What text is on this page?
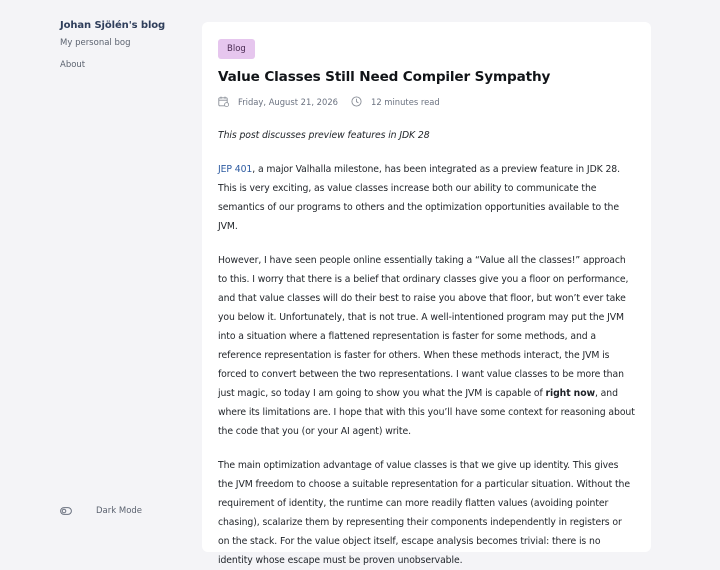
Johan Sjölén's blog
My personal bog
About
Dark Mode
Blog
Value Classes Still Need Compiler Sympathy
Friday, August 21, 2026	12 minutes read

This post discusses preview features in JDK 28

JEP 401, a major Valhalla milestone, has been integrated as a preview feature in JDK 28. This is very exciting, as value classes increase both our ability to communicate the semantics of our programs to others and the optimization opportunities available to the JVM.

However, I have seen people online essentially taking a “Value all the classes!” approach to this. I worry that there is a belief that ordinary classes give you a floor on performance, and that value classes will do their best to raise you above that floor, but won’t ever take you below it. Unfortunately, that is not true. A well-intentioned program may put the JVM into a situation where a flattened representation is faster for some methods, and a reference representation is faster for others. When these methods interact, the JVM is forced to convert between the two representations. I want value classes to be more than just magic, so today I am going to show you what the JVM is capable of right now, and where its limitations are. I hope that with this you’ll have some context for reasoning about the code that you (or your AI agent) write.

The main optimization advantage of value classes is that we give up identity. This gives the JVM freedom to choose a suitable representation for a particular situation. Without the requirement of identity, the runtime can more readily flatten values (avoiding pointer chasing), scalarize them by representing their components independently in registers or on the stack. For the value object itself, escape analysis becomes trivial: there is no identity whose escape must be proven unobservable.
